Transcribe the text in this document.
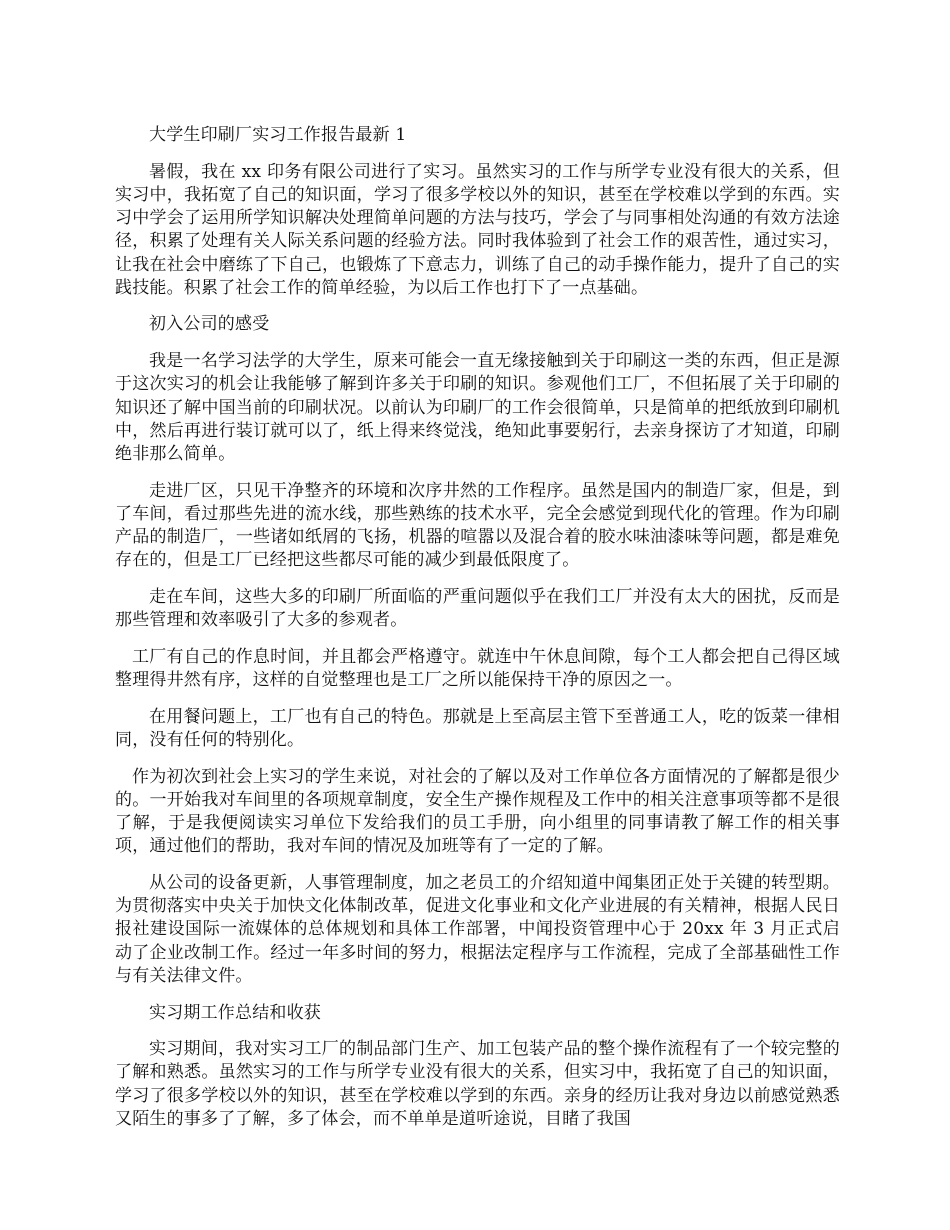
大学生印刷厂实习工作报告最新 1

暑假，我在 xx 印务有限公司进行了实习。虽然实习的工作与所学专业没有很大的关系，但实习中，我拓宽了自己的知识面，学习了很多学校以外的知识，甚至在学校难以学到的东西。实习中学会了运用所学知识解决处理简单问题的方法与技巧，学会了与同事相处沟通的有效方法途径，积累了处理有关人际关系问题的经验方法。同时我体验到了社会工作的艰苦性，通过实习，让我在社会中磨练了下自己，也锻炼了下意志力，训练了自己的动手操作能力，提升了自己的实践技能。积累了社会工作的简单经验，为以后工作也打下了一点基础。

初入公司的感受

我是一名学习法学的大学生，原来可能会一直无缘接触到关于印刷这一类的东西，但正是源于这次实习的机会让我能够了解到许多关于印刷的知识。参观他们工厂，不但拓展了关于印刷的知识还了解中国当前的印刷状况。以前认为印刷厂的工作会很简单，只是简单的把纸放到印刷机中，然后再进行装订就可以了，纸上得来终觉浅，绝知此事要躬行，去亲身探访了才知道，印刷绝非那么简单。

走进厂区，只见干净整齐的环境和次序井然的工作程序。虽然是国内的制造厂家，但是，到了车间，看过那些先进的流水线，那些熟练的技术水平，完全会感觉到现代化的管理。作为印刷产品的制造厂，一些诸如纸屑的飞扬，机器的喧嚣以及混合着的胶水味油漆味等问题，都是难免存在的，但是工厂已经把这些都尽可能的减少到最低限度了。

走在车间，这些大多的印刷厂所面临的严重问题似乎在我们工厂并没有太大的困扰，反而是那些管理和效率吸引了大多的参观者。

工厂有自己的作息时间，并且都会严格遵守。就连中午休息间隙，每个工人都会把自己得区域整理得井然有序，这样的自觉整理也是工厂之所以能保持干净的原因之一。

在用餐问题上，工厂也有自己的特色。那就是上至高层主管下至普通工人，吃的饭菜一律相同，没有任何的特别化。

作为初次到社会上实习的学生来说，对社会的了解以及对工作单位各方面情况的了解都是很少的。一开始我对车间里的各项规章制度，安全生产操作规程及工作中的相关注意事项等都不是很了解，于是我便阅读实习单位下发给我们的员工手册，向小组里的同事请教了解工作的相关事项，通过他们的帮助，我对车间的情况及加班等有了一定的了解。

从公司的设备更新，人事管理制度，加之老员工的介绍知道中闻集团正处于关键的转型期。为贯彻落实中央关于加快文化体制改革，促进文化事业和文化产业进展的有关精神，根据人民日报社建设国际一流媒体的总体规划和具体工作部署，中闻投资管理中心于 20xx 年 3 月正式启动了企业改制工作。经过一年多时间的努力，根据法定程序与工作流程，完成了全部基础性工作与有关法律文件。

实习期工作总结和收获

实习期间，我对实习工厂的制品部门生产、加工包装产品的整个操作流程有了一个较完整的了解和熟悉。虽然实习的工作与所学专业没有很大的关系，但实习中，我拓宽了自己的知识面，学习了很多学校以外的知识，甚至在学校难以学到的东西。亲身的经历让我对身边以前感觉熟悉又陌生的事多了了解，多了体会，而不单单是道听途说，目睹了我国
